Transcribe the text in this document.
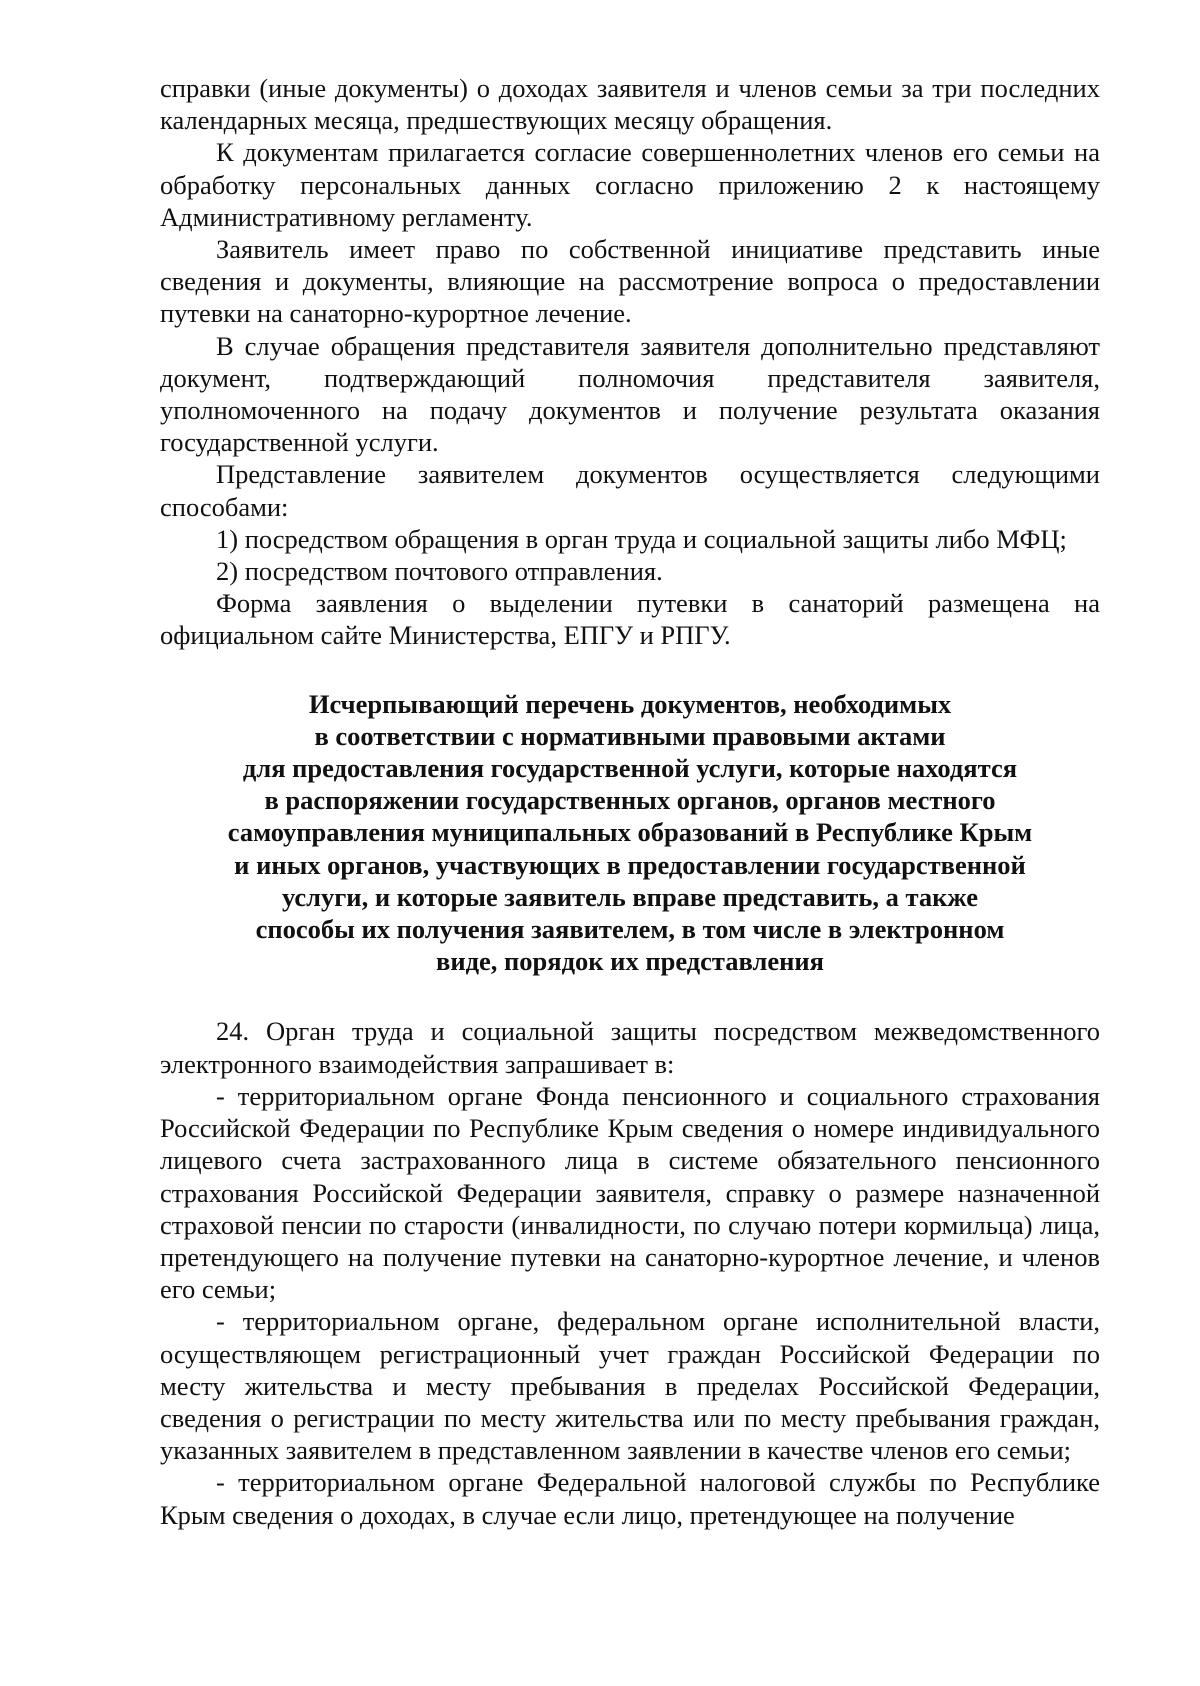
справки (иные документы) о доходах заявителя и членов семьи за три последних календарных месяца, предшествующих месяцу обращения.

К документам прилагается согласие совершеннолетних членов его семьи на обработку персональных данных согласно приложению 2 к настоящему Административному регламенту.

Заявитель имеет право по собственной инициативе представить иные сведения и документы, влияющие на рассмотрение вопроса о предоставлении путевки на санаторно-курортное лечение.

В случае обращения представителя заявителя дополнительно представляют документ, подтверждающий полномочия представителя заявителя, уполномоченного на подачу документов и получение результата оказания государственной услуги.

Представление заявителем документов осуществляется следующими способами:

1) посредством обращения в орган труда и социальной защиты либо МФЦ;

2) посредством почтового отправления.

Форма заявления о выделении путевки в санаторий размещена на официальном сайте Министерства, ЕПГУ и РПГУ.

Исчерпывающий перечень документов, необходимых
в соответствии с нормативными правовыми актами
для предоставления государственной услуги, которые находятся
в распоряжении государственных органов, органов местного
самоуправления муниципальных образований в Республике Крым
и иных органов, участвующих в предоставлении государственной
услуги, и которые заявитель вправе представить, а также
способы их получения заявителем, в том числе в электронном
виде, порядок их представления

24. Орган труда и социальной защиты посредством межведомственного электронного взаимодействия запрашивает в:

- территориальном органе Фонда пенсионного и социального страхования Российской Федерации по Республике Крым сведения о номере индивидуального лицевого счета застрахованного лица в системе обязательного пенсионного страхования Российской Федерации заявителя, справку о размере назначенной страховой пенсии по старости (инвалидности, по случаю потери кормильца) лица, претендующего на получение путевки на санаторно-курортное лечение, и членов его семьи;

- территориальном органе, федеральном органе исполнительной власти, осуществляющем регистрационный учет граждан Российской Федерации по месту жительства и месту пребывания в пределах Российской Федерации, сведения о регистрации по месту жительства или по месту пребывания граждан, указанных заявителем в представленном заявлении в качестве членов его семьи;

- территориальном органе Федеральной налоговой службы по Республике Крым сведения о доходах, в случае если лицо, претендующее на получение
